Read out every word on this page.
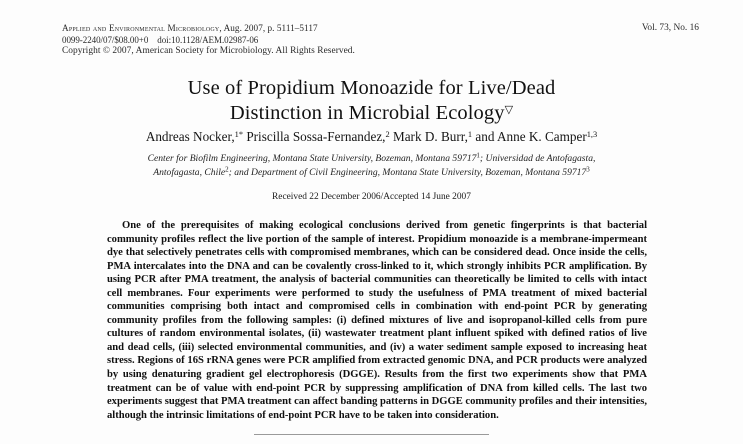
Applied and Environmental Microbiology, Aug. 2007, p. 5111–5117
0099-2240/07/$08.00+0 doi:10.1128/AEM.02987-06
Copyright © 2007, American Society for Microbiology. All Rights Reserved.
Vol. 73, No. 16
Use of Propidium Monoazide for Live/Dead
Distinction in Microbial Ecology▽
Andreas Nocker,$^{1*}$ Priscilla Sossa-Fernandez,$^2$ Mark D. Burr,$^1$ and Anne K. Camper$^{1,3}$
Center for Biofilm Engineering, Montana State University, Bozeman, Montana 59717$^1$; Universidad de Antofagasta,
Antofagasta, Chile$^2$; and Department of Civil Engineering, Montana State University, Bozeman, Montana 59717$^3$
Received 22 December 2006/Accepted 14 June 2007
One of the prerequisites of making ecological conclusions derived from genetic fingerprints is that bacterial community profiles reflect the live portion of the sample of interest. Propidium monoazide is a membrane-impermeant dye that selectively penetrates cells with compromised membranes, which can be considered dead. Once inside the cells, PMA intercalates into the DNA and can be covalently cross-linked to it, which strongly inhibits PCR amplification. By using PCR after PMA treatment, the analysis of bacterial communities can theoretically be limited to cells with intact cell membranes. Four experiments were performed to study the usefulness of PMA treatment of mixed bacterial communities comprising both intact and compromised cells in combination with end-point PCR by generating community profiles from the following samples: (i) defined mixtures of live and isopropanol-killed cells from pure cultures of random environmental isolates, (ii) wastewater treatment plant influent spiked with defined ratios of live and dead cells, (iii) selected environmental communities, and (iv) a water sediment sample exposed to increasing heat stress. Regions of 16S rRNA genes were PCR amplified from extracted genomic DNA, and PCR products were analyzed by using denaturing gradient gel electrophoresis (DGGE). Results from the first two experiments show that PMA treatment can be of value with end-point PCR by suppressing amplification of DNA from killed cells. The last two experiments suggest that PMA treatment can affect banding patterns in DGGE community profiles and their intensities, although the intrinsic limitations of end-point PCR have to be taken into consideration.
